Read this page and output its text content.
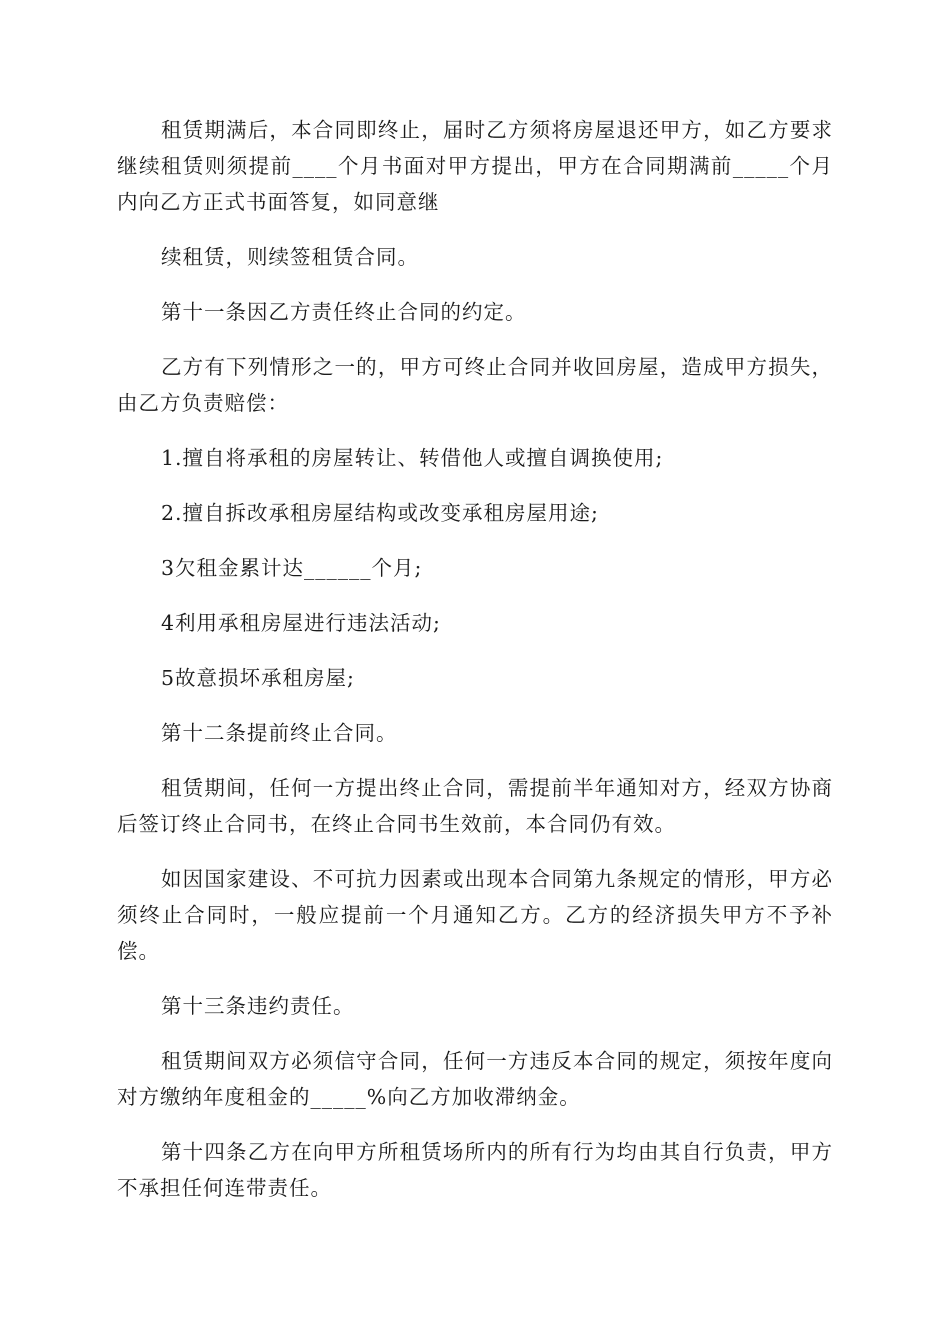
租赁期满后，本合同即终止，届时乙方须将房屋退还甲方，如乙方要求继续租赁则须提前____个月书面对甲方提出，甲方在合同期满前_____个月内向乙方正式书面答复，如同意继

续租赁，则续签租赁合同。

第十一条因乙方责任终止合同的约定。

乙方有下列情形之一的，甲方可终止合同并收回房屋，造成甲方损失，由乙方负责赔偿：

1.擅自将承租的房屋转让、转借他人或擅自调换使用;

2.擅自拆改承租房屋结构或改变承租房屋用途;

3欠租金累计达______个月;

4利用承租房屋进行违法活动;

5故意损坏承租房屋;

第十二条提前终止合同。

租赁期间，任何一方提出终止合同，需提前半年通知对方，经双方协商后签订终止合同书，在终止合同书生效前，本合同仍有效。

如因国家建设、不可抗力因素或出现本合同第九条规定的情形，甲方必须终止合同时，一般应提前一个月通知乙方。乙方的经济损失甲方不予补偿。

第十三条违约责任。

租赁期间双方必须信守合同，任何一方违反本合同的规定，须按年度向对方缴纳年度租金的_____%向乙方加收滞纳金。

第十四条乙方在向甲方所租赁场所内的所有行为均由其自行负责，甲方不承担任何连带责任。
